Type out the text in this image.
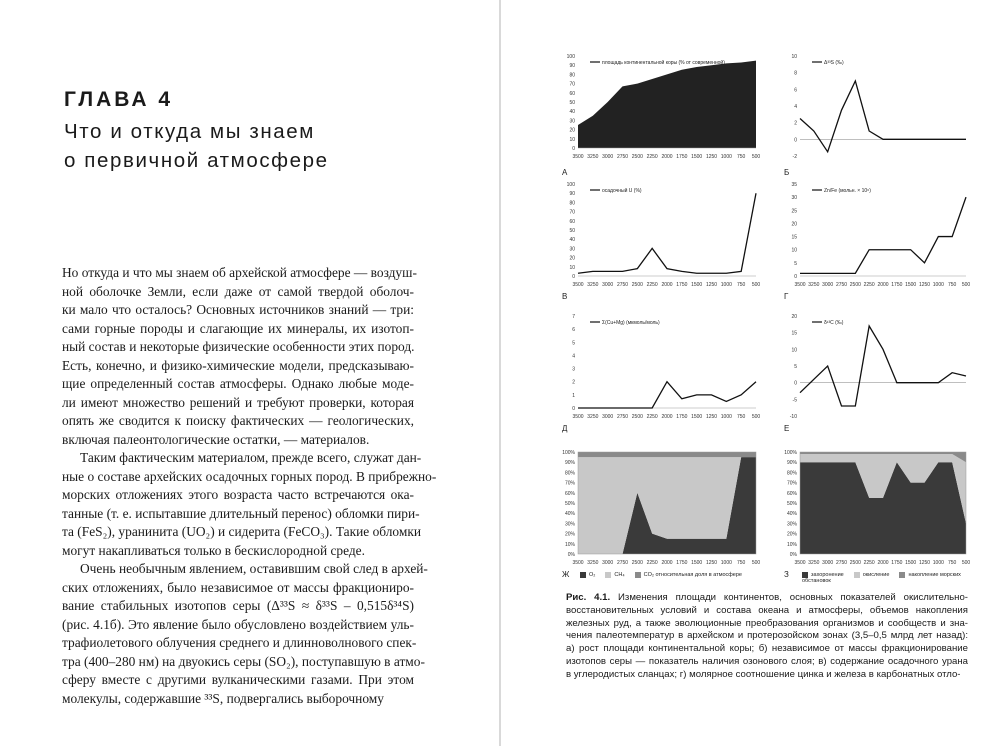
ГЛАВА 4
Что и откуда мы знаем
о первичной атмосфере
Но откуда и что мы знаем об архейской атмосфере — воздуш-
ной оболочке Земли, если даже от самой твердой оболоч-
ки мало что осталось? Основных источников знаний — три:
сами горные породы и слагающие их минералы, их изотоп-
ный состав и некоторые физические особенности этих пород.
Есть, конечно, и физико-химические модели, предсказываю-
щие определенный состав атмосферы. Однако любые моде-
ли имеют множество решений и требуют проверки, которая
опять же сводится к поиску фактических — геологических,
включая палеонтологические остатки, — материалов.
Таким фактическим материалом, прежде всего, служат дан-
ные о составе архейских осадочных горных пород. В прибрежно-
морских отложениях этого возраста часто встречаются ока-
танные (т. е. испытавшие длительный перенос) обломки пири-
та (FeS₂), уранинита (UO₂) и сидерита (FeCO₃). Такие обломки
могут накапливаться только в бескислородной среде.
Очень необычным явлением, оставившим свой след в архей-
ских отложениях, было независимое от массы фракциониро-
вание стабильных изотопов серы (Δ³³S ≈ δ³³S – 0,515δ³⁴S)
(рис. 4.1б). Это явление было обусловлено воздействием уль-
трафиолетового облучения среднего и длинноволнового спек-
тра (400–280 нм) на двуокись серы (SO₂), поступавшую в атмо-
сферу вместе с другими вулканическими газами. При этом
молекулы, содержавшие ³³S, подвергались выборочному
100
90
80
70
60
50
40
30
20
10
0
3500 3250 3000 2750 2500 2250 2000 1750 1500 1250 1000 750 500
площадь континентальной коры (% от современной)
А
10
8
6
4
2
0
-2
Δ³³S (‰)
Б
100
90
80
70
60
50
40
30
20
10
0
3500 3250 3000 2750 2500 2250 2000 1750 1500 1250 1000 750 500
осадочный U (%)
В
35
30
25
20
15
10
5
0
3500 3250 3000 2750 2500 2250 2000 1750 1500 1250 1000 750 500
Zn/Fe (мольн. × 10⁶)
Г
7
6
5
4
3
2
1
0
3500 3250 3000 2750 2500 2250 2000 1750 1500 1250 1000 750 500
Σ(Cu+Mg) (мкмоль/моль)
Д
20
15
10
5
0
-5
-10
δ¹³C (‰)
Е
100%
90%
80%
70%
60%
50%
40%
30%
20%
10%
0%
3500 3250 3000 2750 2500 2250 2000 1750 1500 1250 1000 750 500
O₂	CH₄	CO₂ относительная доля в атмосфере
Ж
100%
90%
80%
70%
60%
50%
40%
30%
20%
10%
0%
3500 3250 3000 2750 2500 2250 2000 1750 1500 1250 1000 750 500
захоронение	окисление	накопление морских обстановок
З
Рис. 4.1. Изменения площади континентов, основных показателей окислительно-
восстановительных условий и состава океана и атмосферы, объемов накопления
железных руд, а также эволюционные преобразования организмов и сообществ и зна-
чения палеотемператур в архейском и протерозойском зонах (3,5–0,5 млрд лет назад):
а) рост площади континентальной коры; б) независимое от массы фракционирование
изотопов серы — показатель наличия озонового слоя; в) содержание осадочного урана
в углеродистых сланцах; г) молярное соотношение цинка и железа в карбонатных отло-
